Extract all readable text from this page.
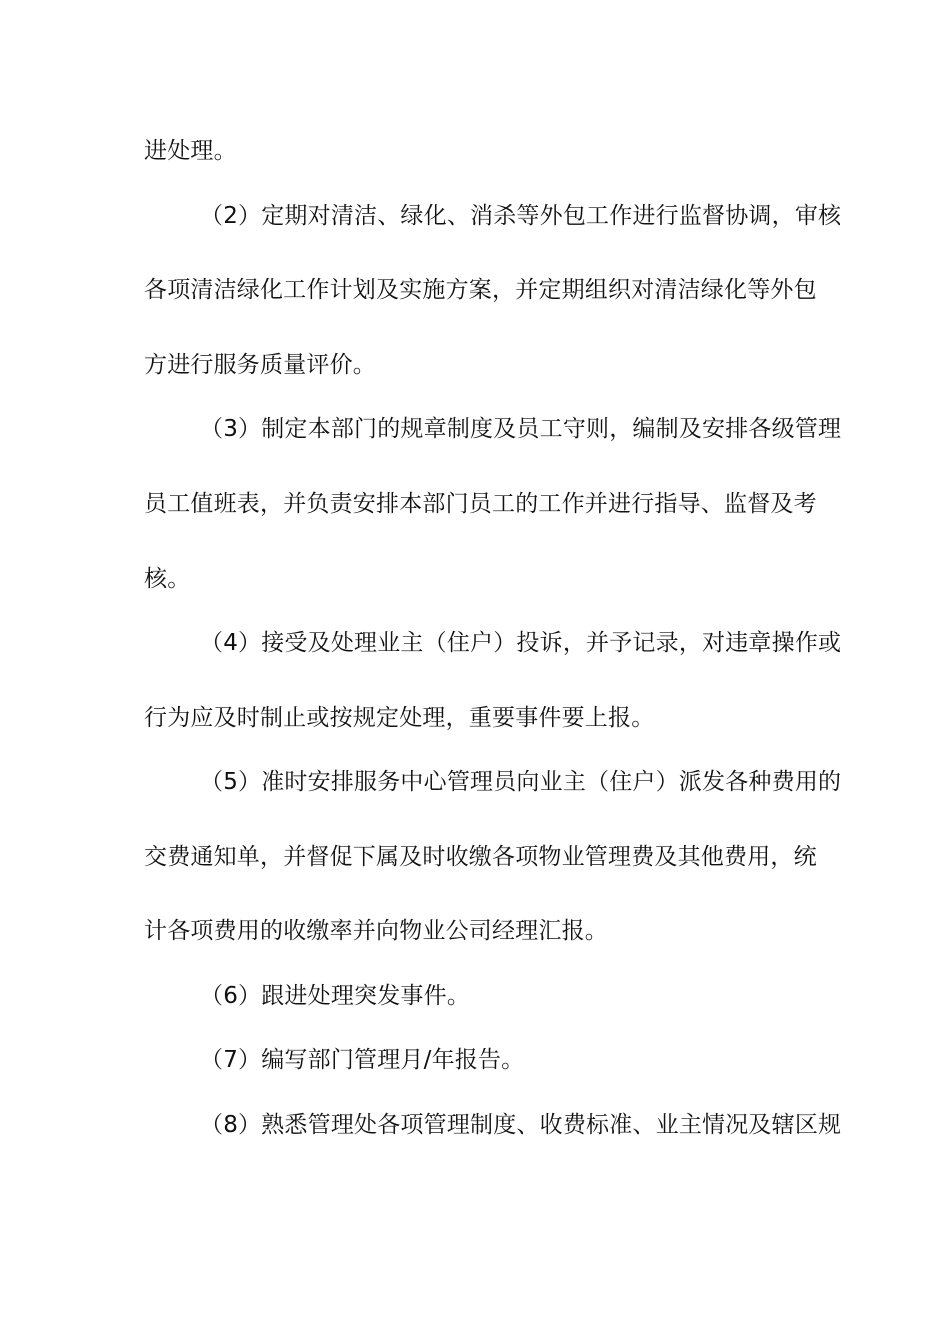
进处理。
（2）定期对清洁、绿化、消杀等外包工作进行监督协调，审核
各项清洁绿化工作计划及实施方案，并定期组织对清洁绿化等外包
方进行服务质量评价。
（3）制定本部门的规章制度及员工守则，编制及安排各级管理
员工值班表，并负责安排本部门员工的工作并进行指导、监督及考
核。
（4）接受及处理业主（住户）投诉，并予记录，对违章操作或
行为应及时制止或按规定处理，重要事件要上报。
（5）准时安排服务中心管理员向业主（住户）派发各种费用的
交费通知单，并督促下属及时收缴各项物业管理费及其他费用，统
计各项费用的收缴率并向物业公司经理汇报。
（6）跟进处理突发事件。
（7）编写部门管理月/年报告。
（8）熟悉管理处各项管理制度、收费标准、业主情况及辖区规
